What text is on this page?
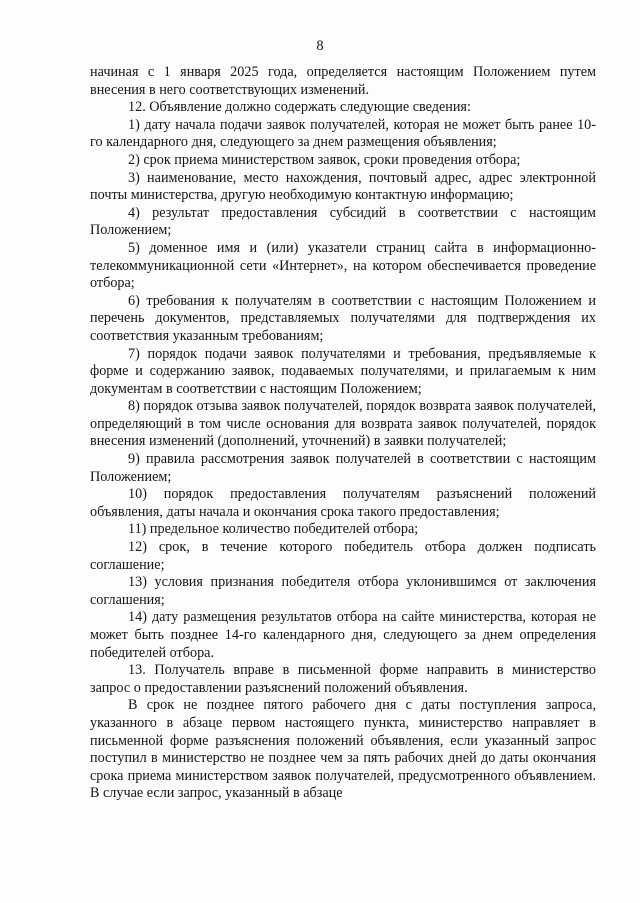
8

начиная с 1 января 2025 года, определяется настоящим Положением путем внесения в него соответствующих изменений.

12. Объявление должно содержать следующие сведения:

1) дату начала подачи заявок получателей, которая не может быть ранее 10-го календарного дня, следующего за днем размещения объявления;

2) срок приема министерством заявок, сроки проведения отбора;

3) наименование, место нахождения, почтовый адрес, адрес электронной почты министерства, другую необходимую контактную информацию;

4) результат предоставления субсидий в соответствии с настоящим Положением;

5) доменное имя и (или) указатели страниц сайта в информационно-телекоммуникационной сети «Интернет», на котором обеспечивается проведение отбора;

6) требования к получателям в соответствии с настоящим Положением и перечень документов, представляемых получателями для подтверждения их соответствия указанным требованиям;

7) порядок подачи заявок получателями и требования, предъявляемые к форме и содержанию заявок, подаваемых получателями, и прилагаемым к ним документам в соответствии с настоящим Положением;

8) порядок отзыва заявок получателей, порядок возврата заявок получателей, определяющий в том числе основания для возврата заявок получателей, порядок внесения изменений (дополнений, уточнений) в заявки получателей;

9) правила рассмотрения заявок получателей в соответствии с настоящим Положением;

10) порядок предоставления получателям разъяснений положений объявления, даты начала и окончания срока такого предоставления;

11) предельное количество победителей отбора;

12) срок, в течение которого победитель отбора должен подписать соглашение;

13) условия признания победителя отбора уклонившимся от заключения соглашения;

14) дату размещения результатов отбора на сайте министерства, которая не может быть позднее 14-го календарного дня, следующего за днем определения победителей отбора.

13. Получатель вправе в письменной форме направить в министерство запрос о предоставлении разъяснений положений объявления.

В срок не позднее пятого рабочего дня с даты поступления запроса, указанного в абзаце первом настоящего пункта, министерство направляет в письменной форме разъяснения положений объявления, если указанный запрос поступил в министерство не позднее чем за пять рабочих дней до даты окончания срока приема министерством заявок получателей, предусмотренного объявлением. В случае если запрос, указанный в абзаце
